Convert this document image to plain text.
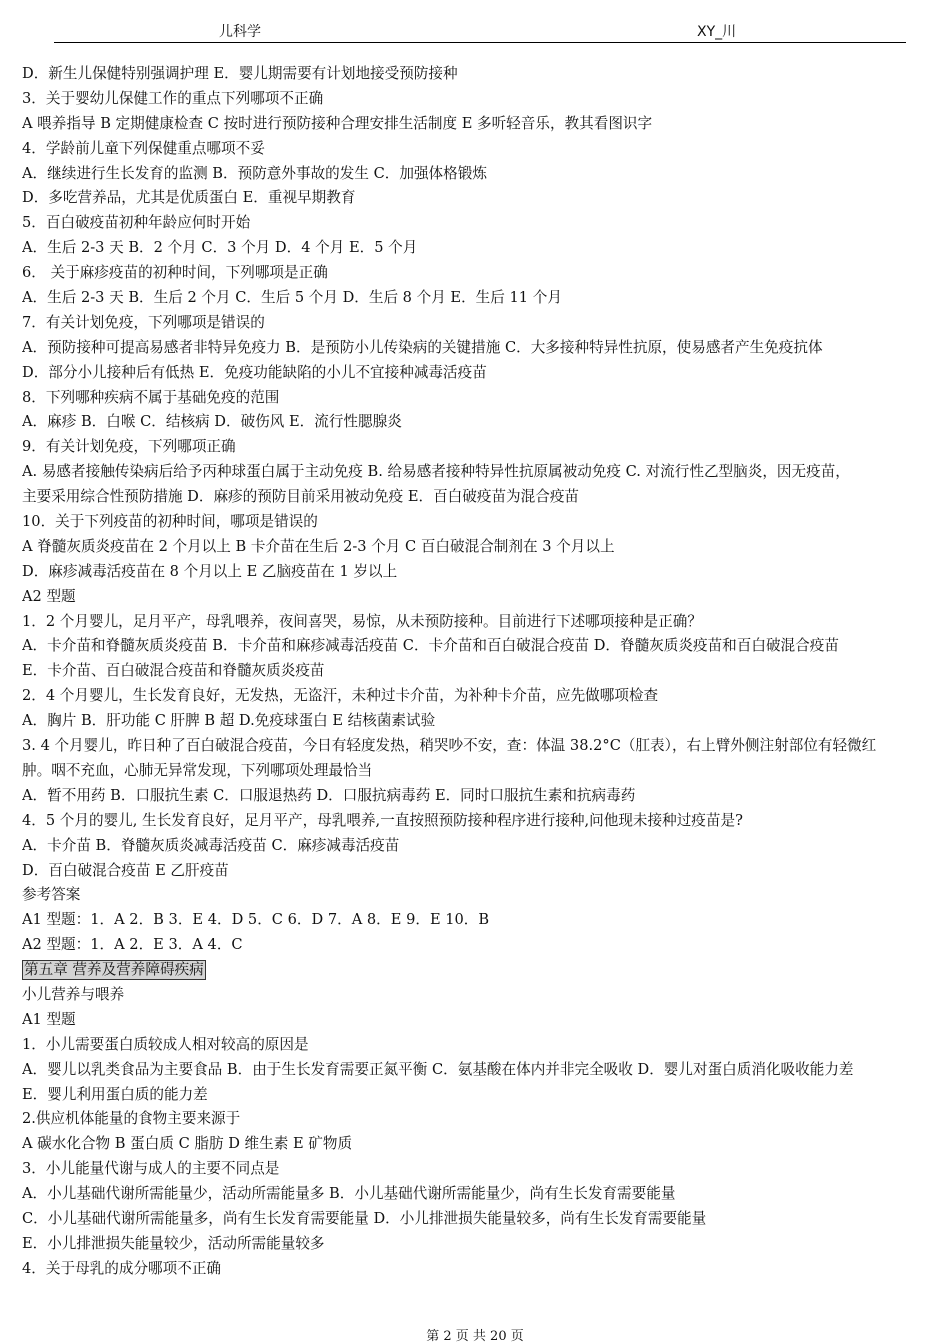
儿科学	XY_川
D．新生儿保健特别强调护理 E．婴儿期需要有计划地接受预防接种
3．关于婴幼儿保健工作的重点下列哪项不正确
A 喂养指导 B 定期健康检查 C 按时进行预防接种合理安排生活制度 E 多听轻音乐，教其看图识字
4．学龄前儿童下列保健重点哪项不妥
A．继续进行生长发育的监测 B．预防意外事故的发生 C．加强体格锻炼
D．多吃营养品，尤其是优质蛋白 E．重视早期教育
5．百白破疫苗初种年龄应何时开始
A．生后 2-3 天 B．2 个月 C．3 个月 D．4 个月 E．5 个月
6． 关于麻疹疫苗的初种时间，下列哪项是正确
A．生后 2-3 天 B．生后 2 个月 C．生后 5 个月 D．生后 8 个月 E．生后 11 个月
7．有关计划免疫，下列哪项是错误的
A．预防接种可提高易感者非特异免疫力 B．是预防小儿传染病的关键措施 C．大多接种特异性抗原，使易感者产生免疫抗体
D．部分小儿接种后有低热 E．免疫功能缺陷的小儿不宜接种减毒活疫苗
8．下列哪种疾病不属于基础免疫的范围
A．麻疹 B．白喉 C．结核病 D．破伤风 E．流行性腮腺炎
9．有关计划免疫，下列哪项正确
A. 易感者接触传染病后给予丙种球蛋白属于主动免疫 B. 给易感者接种特异性抗原属被动免疫 C. 对流行性乙型脑炎，因无疫苗，
主要采用综合性预防措施 D．麻疹的预防目前采用被动免疫 E．百白破疫苗为混合疫苗
10．关于下列疫苗的初种时间，哪项是错误的
A 脊髓灰质炎疫苗在 2 个月以上 B 卡介苗在生后 2-3 个月 C 百白破混合制剂在 3 个月以上
D．麻疹减毒活疫苗在 8 个月以上 E 乙脑疫苗在 1 岁以上
A2 型题
1．2 个月婴儿，足月平产，母乳喂养，夜间喜哭，易惊，从未预防接种。目前进行下述哪项接种是正确？
A．卡介苗和脊髓灰质炎疫苗 B．卡介苗和麻疹减毒活疫苗 C．卡介苗和百白破混合疫苗 D．脊髓灰质炎疫苗和百白破混合疫苗
E．卡介苗、百白破混合疫苗和脊髓灰质炎疫苗
2．4 个月婴儿，生长发育良好，无发热，无盗汗，未种过卡介苗，为补种卡介苗，应先做哪项检查
A．胸片 B．肝功能 C 肝脾 B 超 D.免疫球蛋白 E 结核菌素试验
3. 4 个月婴儿，昨日种了百白破混合疫苗，今日有轻度发热，稍哭吵不安，查：体温 38.2°C（肛表），右上臂外侧注射部位有轻微红
肿。咽不充血，心肺无异常发现，下列哪项处理最恰当
A．暂不用药 B．口服抗生素 C．口服退热药 D．口服抗病毒药 E．同时口服抗生素和抗病毒药
4．5 个月的婴儿, 生长发育良好，足月平产，母乳喂养,一直按照预防接种程序进行接种,问他现未接种过疫苗是?
A．卡介苗 B．脊髓灰质炎减毒活疫苗 C．麻疹减毒活疫苗
D．百白破混合疫苗 E 乙肝疫苗
参考答案
A1 型题：1．A 2．B 3．E 4．D 5．C 6．D 7．A 8．E 9．E 10．B
A2 型题：1．A 2．E 3．A 4．C
第五章 营养及营养障碍疾病
小儿营养与喂养
A1 型题
1．小儿需要蛋白质较成人相对较高的原因是
A．婴儿以乳类食品为主要食品 B．由于生长发育需要正氮平衡 C．氨基酸在体内并非完全吸收 D．婴儿对蛋白质消化吸收能力差
E．婴儿利用蛋白质的能力差
2.供应机体能量的食物主要来源于
A 碳水化合物 B 蛋白质 C 脂肪 D 维生素 E 矿物质
3．小儿能量代谢与成人的主要不同点是
A．小儿基础代谢所需能量少，活动所需能量多 B．小儿基础代谢所需能量少，尚有生长发育需要能量
C．小儿基础代谢所需能量多，尚有生长发育需要能量 D．小儿排泄损失能量较多，尚有生长发育需要能量
E．小儿排泄损失能量较少，活动所需能量较多
4．关于母乳的成分哪项不正确
第 2 页 共 20 页
